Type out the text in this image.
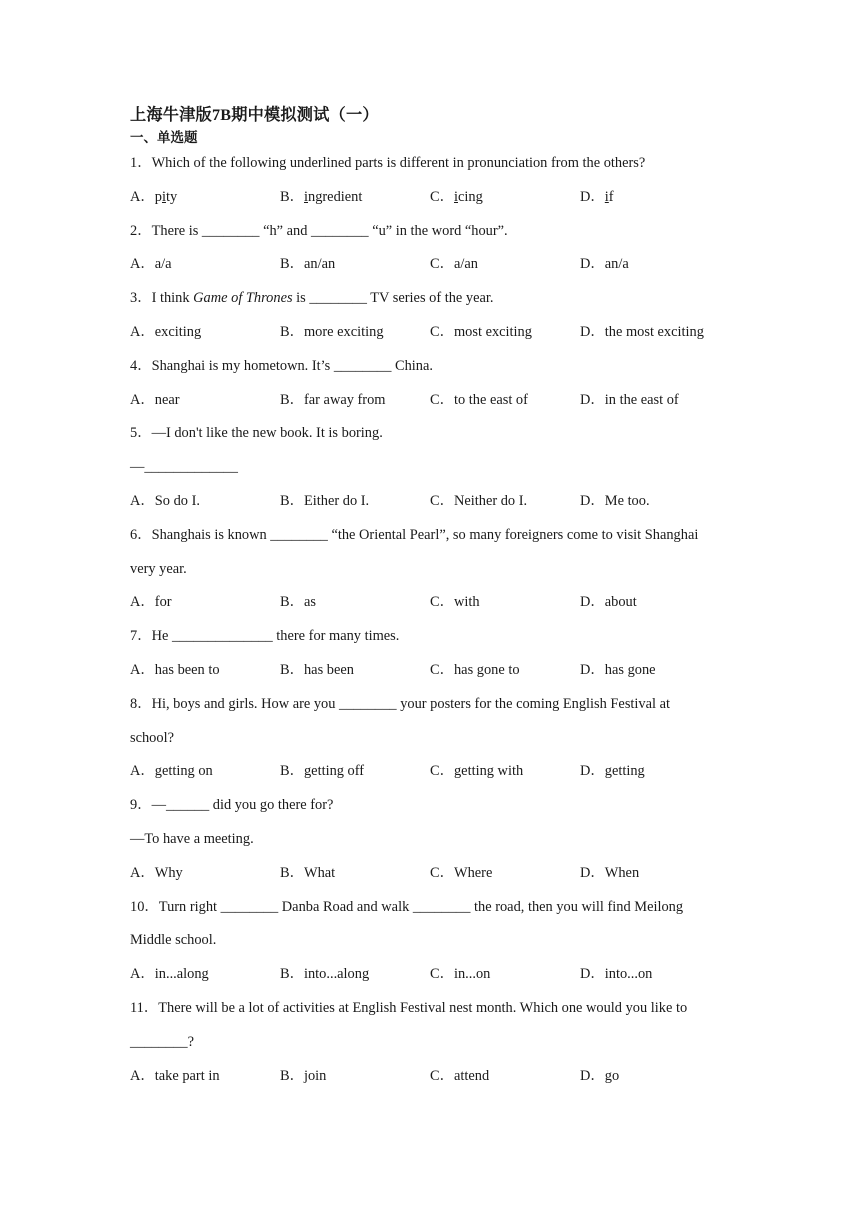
上海牛津版7B期中模拟测试（一）
一、单选题
1．Which of the following underlined parts is different in pronunciation from the others?
A．pity	B．ingredient	C．icing	D．if
2．There is ________ “h” and ________ “u” in the word “hour”.
A．a/a	B．an/an	C．a/an	D．an/a
3．I think Game of Thrones is ________ TV series of the year.
A．exciting	B．more exciting	C．most exciting	D．the most exciting
4．Shanghai is my hometown. It’s ________ China.
A．near	B．far away from	C．to the east of	D．in the east of
5．—I don't like the new book. It is boring.
—_____________
A．So do I.	B．Either do I.	C．Neither do I.	D．Me too.
6．Shanghais is known ________ “the Oriental Pearl”, so many foreigners come to visit Shanghai
very year.
A．for	B．as	C．with	D．about
7．He ______________ there for many times.
A．has been to	B．has been	C．has gone to	D．has gone
8．Hi, boys and girls. How are you ________ your posters for the coming English Festival at
school?
A．getting on	B．getting off	C．getting with	D．getting
9．—______ did you go there for?
—To have a meeting.
A．Why	B．What	C．Where	D．When
10．Turn right ________ Danba Road and walk ________ the road, then you will find Meilong
Middle school.
A．in...along	B．into...along	C．in...on	D．into...on
11．There will be a lot of activities at English Festival nest month. Which one would you like to
________?
A．take part in	B．join	C．attend	D．go
